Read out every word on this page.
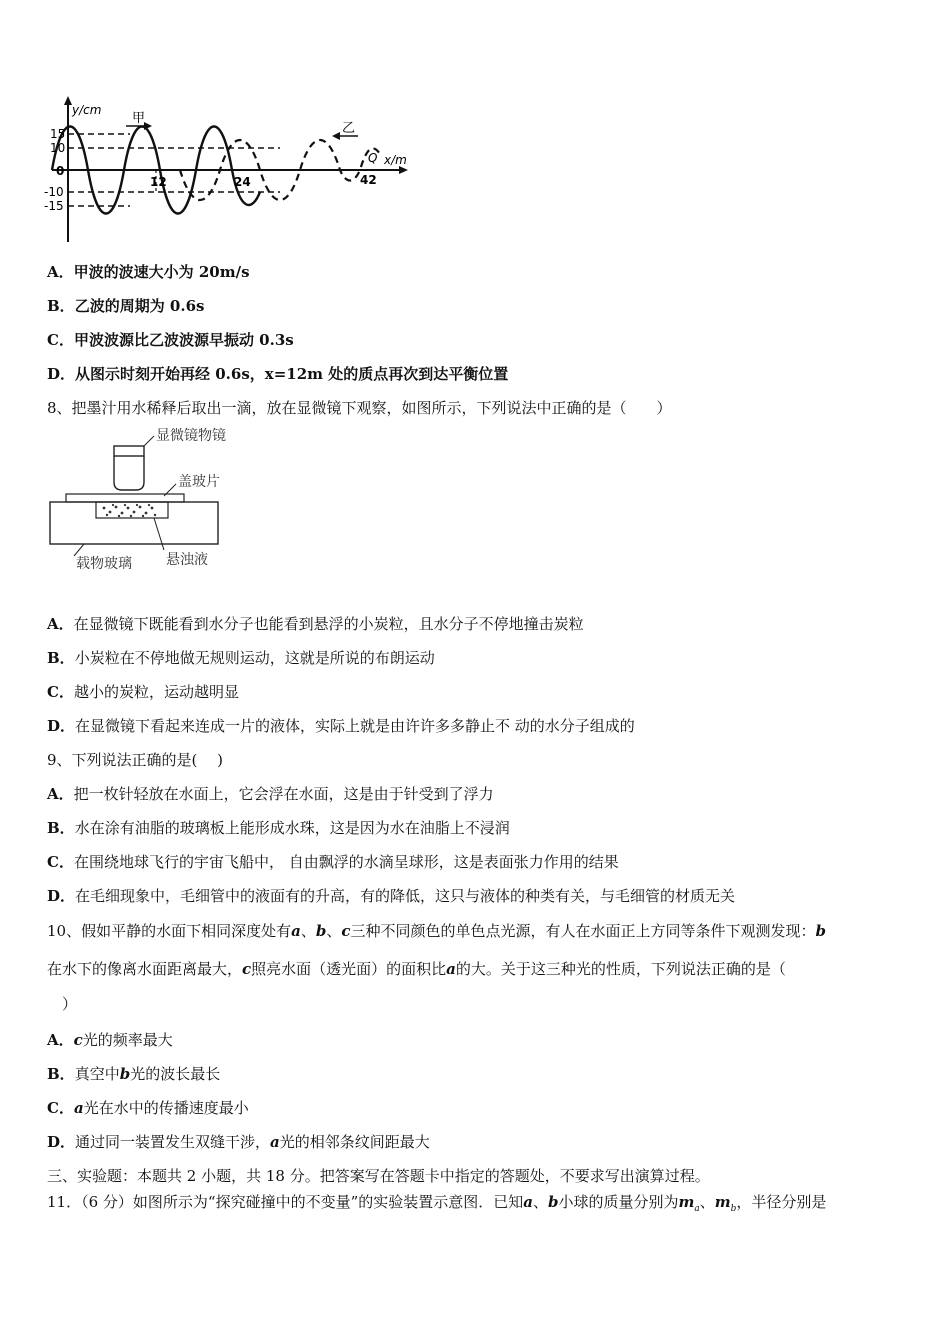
y/cm
x/m
甲
乙
15
10
0
-10
-15
12	24	42
Q
A．甲波的波速大小为 20m/s
B．乙波的周期为 0.6s
C．甲波波源比乙波波源早振动 0.3s
D．从图示时刻开始再经 0.6s，x=12m 处的质点再次到达平衡位置
8、把墨汁用水稀释后取出一滴，放在显微镜下观察，如图所示，下列说法中正确的是（　　）
显微镜物镜
盖玻片
载物玻璃 悬浊液
A．在显微镜下既能看到水分子也能看到悬浮的小炭粒，且水分子不停地撞击炭粒
B．小炭粒在不停地做无规则运动，这就是所说的布朗运动
C．越小的炭粒，运动越明显
D．在显微镜下看起来连成一片的液体，实际上就是由许许多多静止不 动的水分子组成的
9、下列说法正确的是(　 )
A．把一枚针轻放在水面上，它会浮在水面，这是由于针受到了浮力
B．水在涂有油脂的玻璃板上能形成水珠，这是因为水在油脂上不浸润
C．在围绕地球飞行的宇宙飞船中， 自由飘浮的水滴呈球形，这是表面张力作用的结果
D．在毛细现象中，毛细管中的液面有的升高，有的降低，这只与液体的种类有关，与毛细管的材质无关
10、假如平静的水面下相同深度处有a、b、c三种不同颜色的单色点光源，有人在水面正上方同等条件下观测发现：b
在水下的像离水面距离最大，c照亮水面（透光面）的面积比a的大。关于这三种光的性质，下列说法正确的是（
）
A．c光的频率最大
B．真空中b光的波长最长
C．a光在水中的传播速度最小
D．通过同一装置发生双缝干涉，a光的相邻条纹间距最大
三、实验题：本题共 2 小题，共 18 分。把答案写在答题卡中指定的答题处，不要求写出演算过程。
11．（6 分）如图所示为“探究碰撞中的不变量”的实验装置示意图．已知a、b小球的质量分别为$m_a$、$m_b$，半径分别是
